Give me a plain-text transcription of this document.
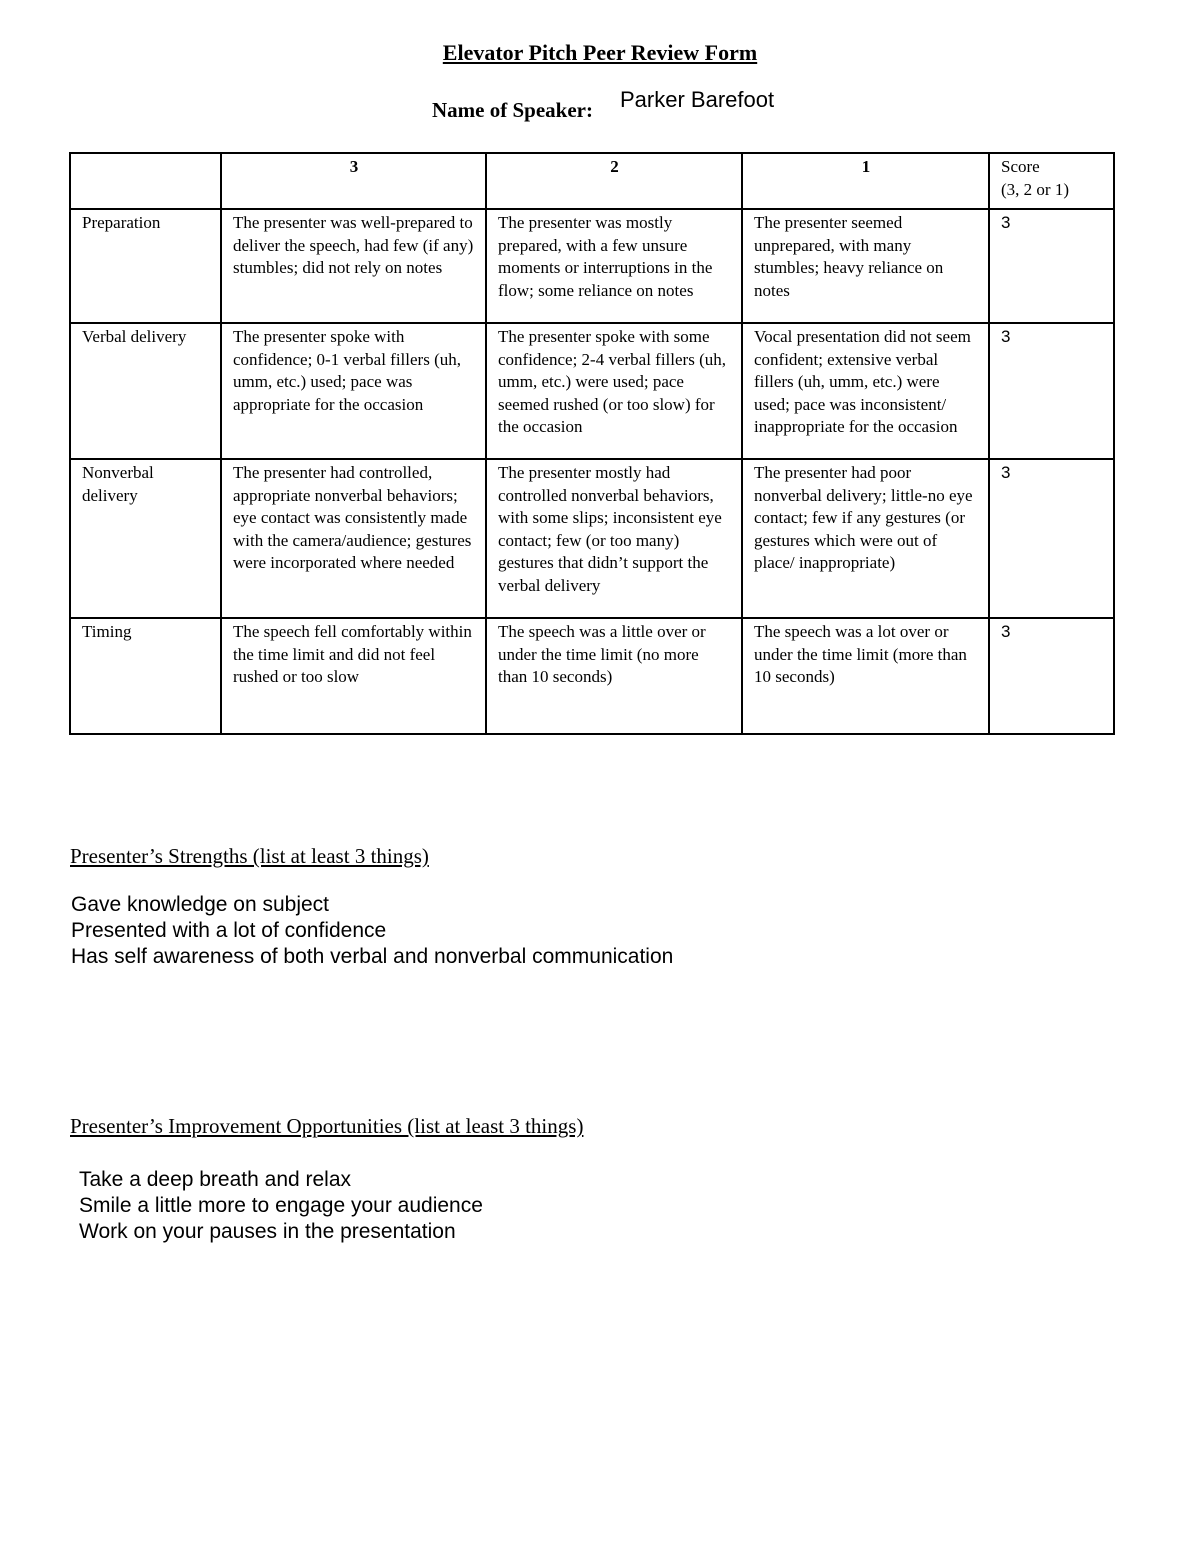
Elevator Pitch Peer Review Form
Name of Speaker: Parker Barefoot
	3	2	1	Score
(3, 2 or 1)

Preparation	The presenter was well-prepared to deliver the speech, had few (if any) stumbles; did not rely on notes	The presenter was mostly prepared, with a few unsure moments or interruptions in the flow; some reliance on notes	The presenter seemed unprepared, with many stumbles; heavy reliance on notes	3
Verbal delivery	The presenter spoke with confidence; 0-1 verbal fillers (uh, umm, etc.) used; pace was appropriate for the occasion	The presenter spoke with some confidence; 2-4 verbal fillers (uh, umm, etc.) were used; pace seemed rushed (or too slow) for the occasion	Vocal presentation did not seem confident; extensive verbal fillers (uh, umm, etc.) were used; pace was inconsistent/ inappropriate for the occasion	3
Nonverbal delivery	The presenter had controlled, appropriate nonverbal behaviors; eye contact was consistently made with the camera/audience; gestures were incorporated where needed	The presenter mostly had controlled nonverbal behaviors, with some slips; inconsistent eye contact; few (or too many) gestures that didn’t support the verbal delivery	The presenter had poor nonverbal delivery; little-no eye contact; few if any gestures (or gestures which were out of place/ inappropriate)	3
Timing	The speech fell comfortably within the time limit and did not feel rushed or too slow	The speech was a little over or under the time limit (no more than 10 seconds)	The speech was a lot over or under the time limit (more than 10 seconds)	3
Presenter’s Strengths (list at least 3 things)
Gave knowledge on subject
Presented with a lot of confidence
Has self awareness of both verbal and nonverbal communication
Presenter’s Improvement Opportunities (list at least 3 things)
Take a deep breath and relax
Smile a little more to engage your audience
Work on your pauses in the presentation
